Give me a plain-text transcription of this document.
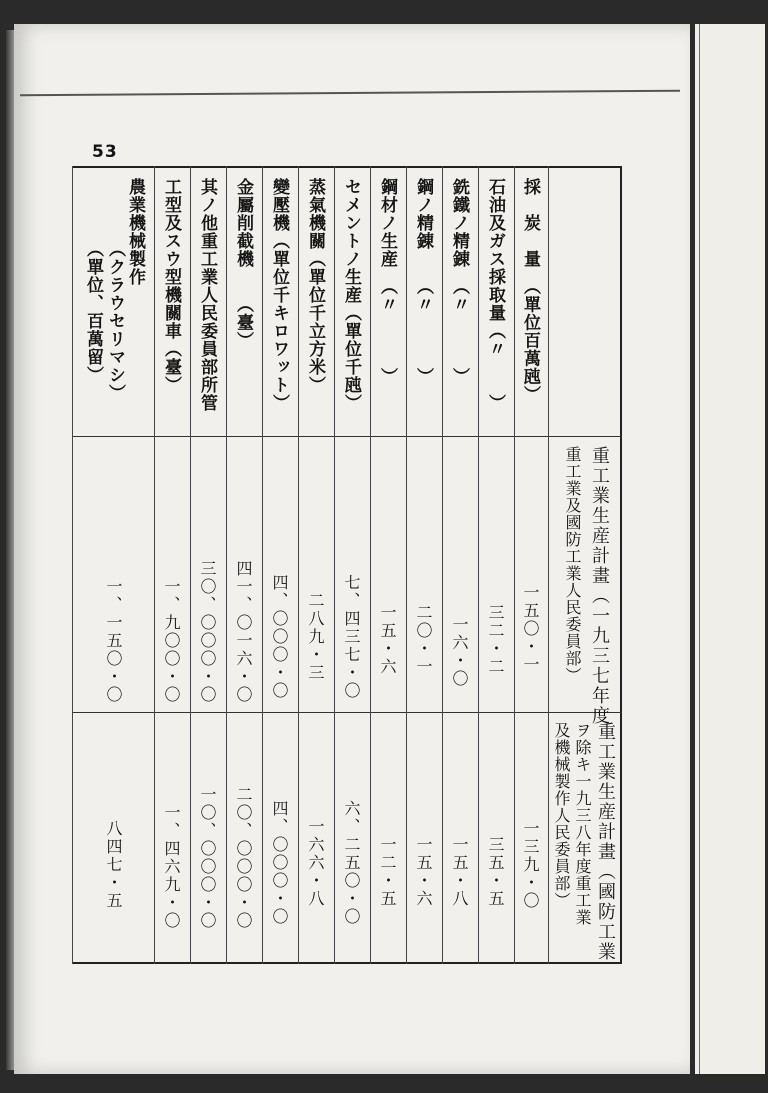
53
重工業生産計畫（一九三七年度
重工業及國防工業人民委員部）
重工業生産計畫（國防工業
ヲ除キ一九三八年度重工業
及機械製作人民委員部）
採　炭　量　（單位百萬瓲）
石油及ガス採取量（〃　　）
銑鐵ノ精錬　（〃　　　）
鋼ノ精錬　　（〃　　　）
鋼材ノ生産　（〃　　　）
セメントノ生産（單位千瓲）
蒸氣機關（單位千立方米）
變壓機（單位千キロワット）
金屬削截機　　（臺）
其ノ他重工業人民委員部所管
工型及スウ型機關車（臺）
農業機械製作
（クラウセリマシ）
（單位、百萬留）
一五〇・一
三二・二
一六・〇
二〇・一
一五・六
七、四三七・〇
二八九・三
四、〇〇〇・〇
四一、〇一六・〇
三〇、〇〇〇・〇
一、九〇〇・〇
一、一五〇・〇
一三九・〇
三五・五
一五・八
一五・六
一二・五
六、二五〇・〇
一六六・八
四、〇〇〇・〇
二〇、〇〇〇・〇
一〇、〇〇〇・〇
一、四六九・〇
八四七・五
